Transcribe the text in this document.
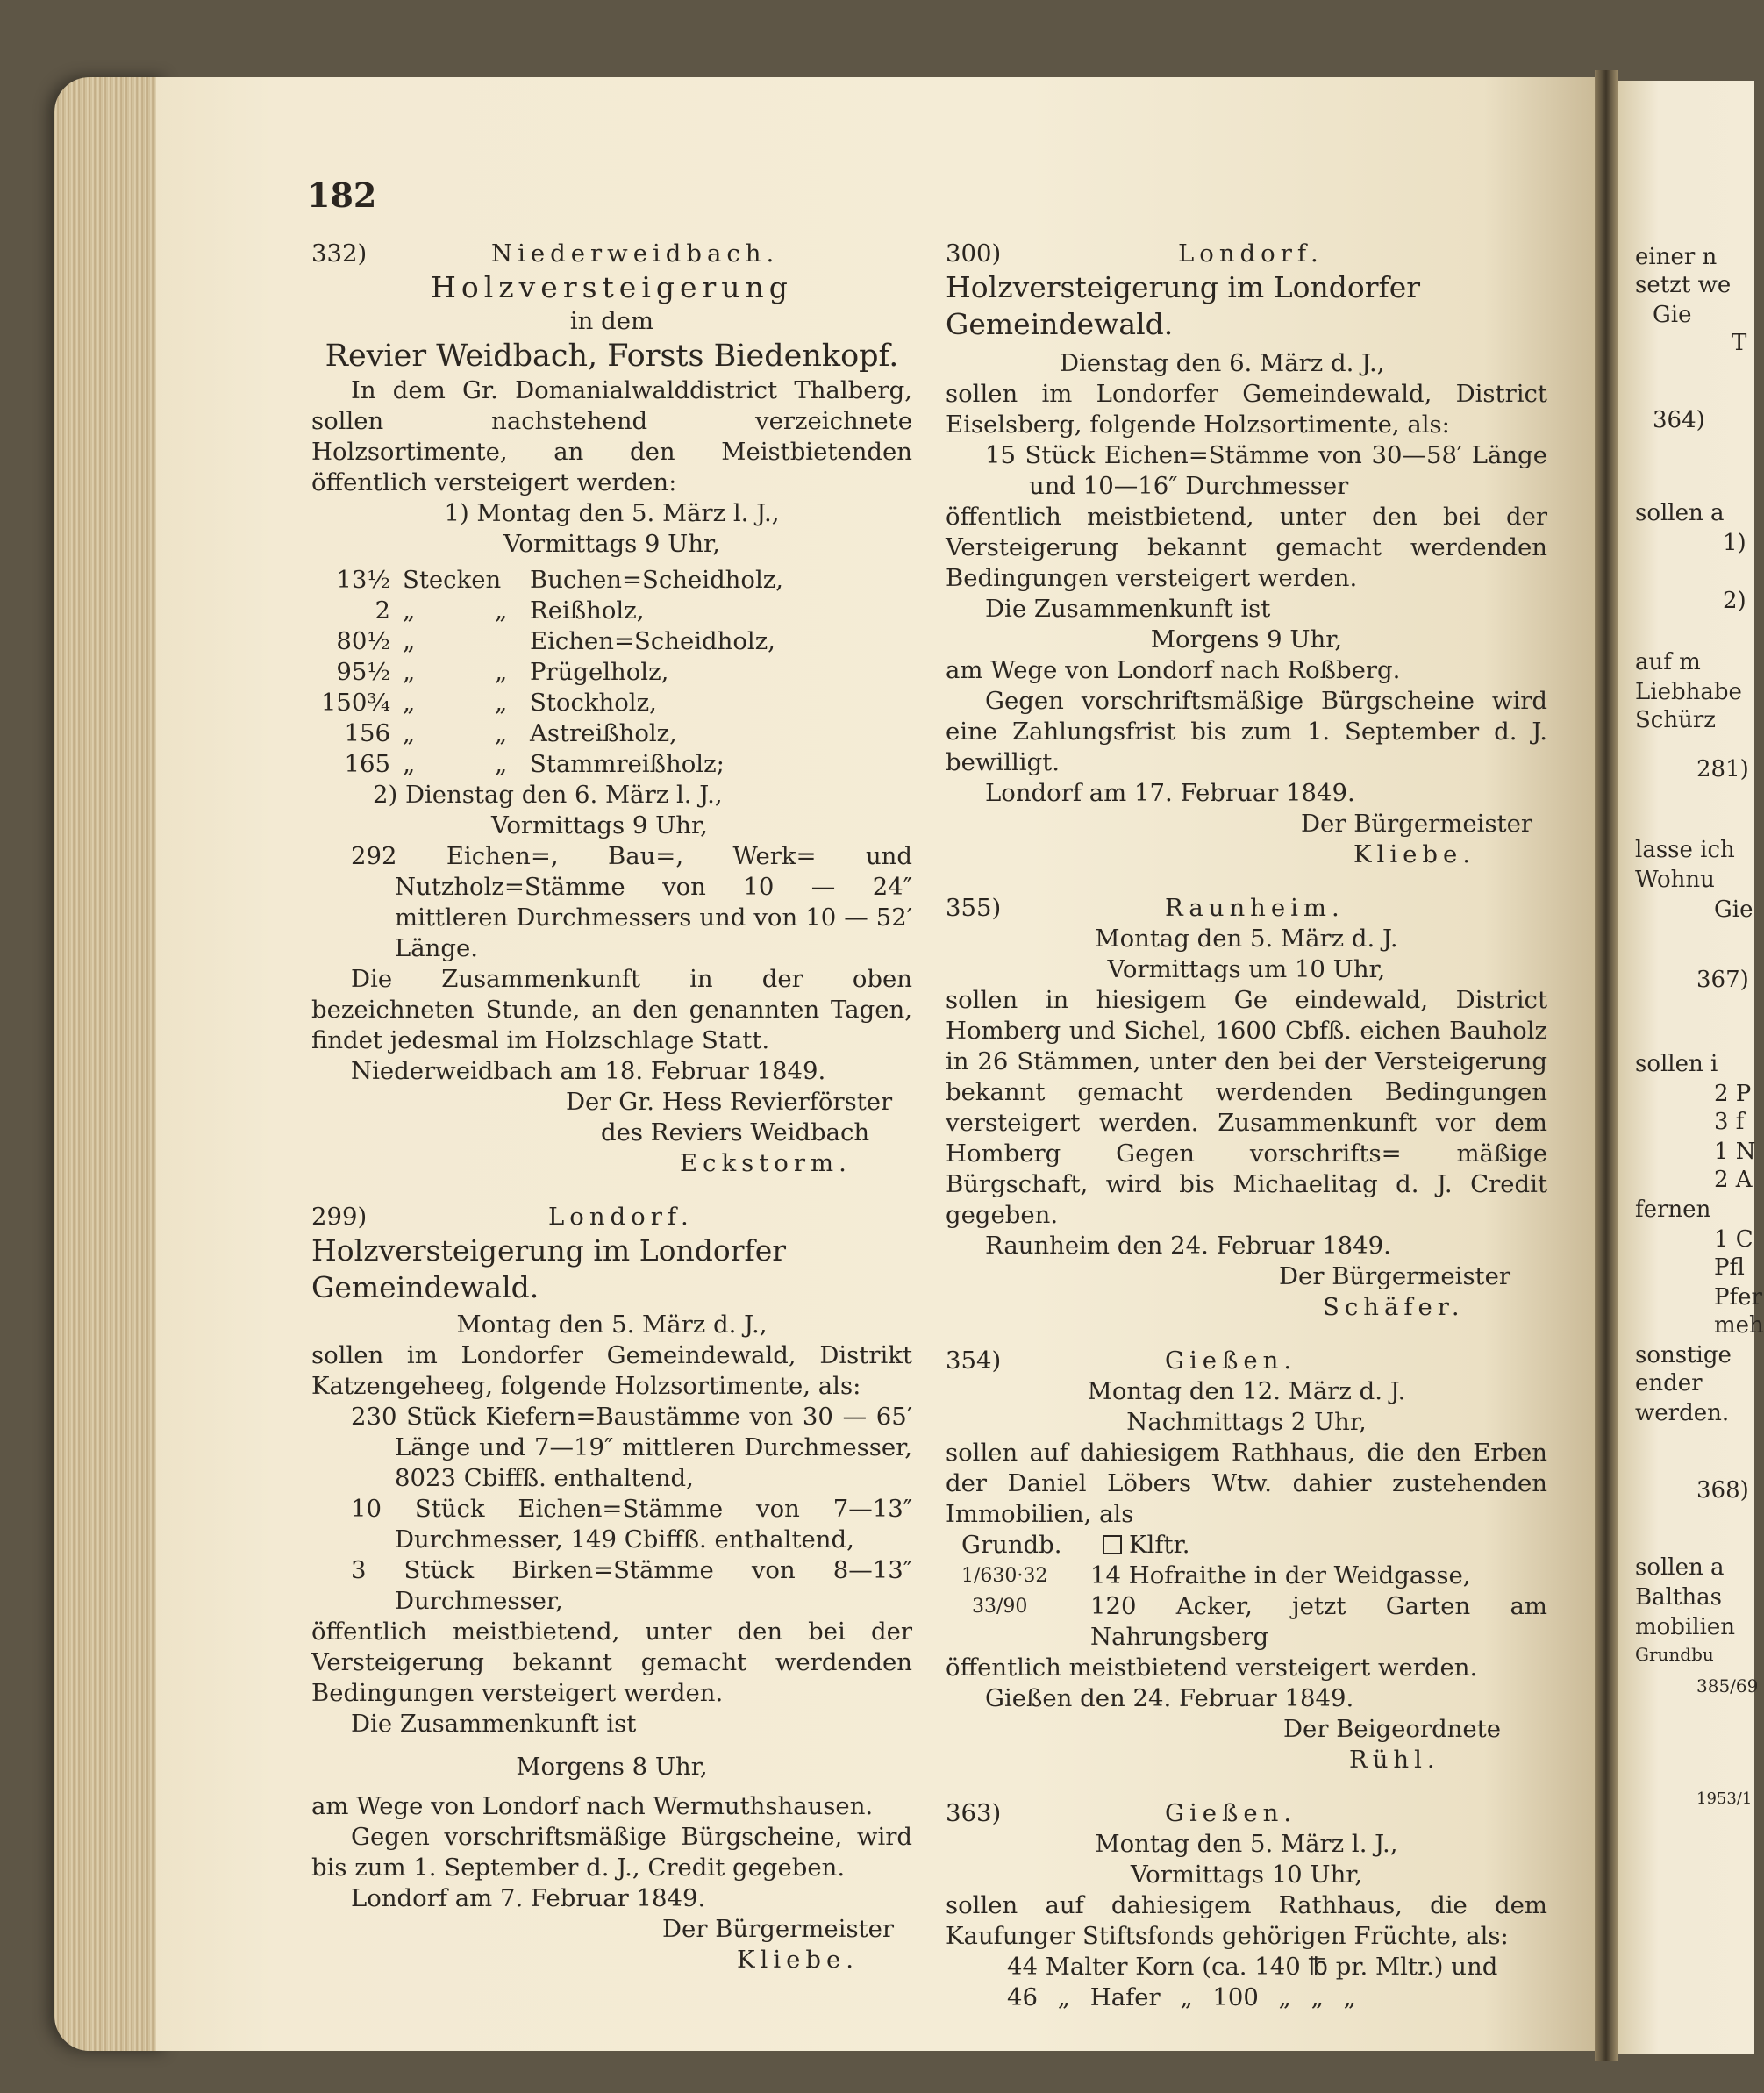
einer n
setzt we
Gie
T
364)
sollen a
1)
2)
auf m
Liebhabe
Schürz
281)
lasse ich
Wohnu
Gie
367)
sollen i
2 P
3 f
1 N
2 A
fernen
1 C
Pfl
Pfer
meh
sonstige
ender
werden.
368)
sollen a
Balthas
mobilien
Grundbu
385/69
1953/1
182
332)	Niederweidbach.
Holzversteigerung
in dem
Revier Weidbach, Forsts Biedenkopf.

In dem Gr. Domanialwalddistrict Thalberg, sollen nachstehend verzeichnete Holzsortimente, an den Meistbietenden öffentlich versteigert werden:

1) Montag den 5. März l. J.,
Vormittags 9 Uhr,
13½ Stecken Buchen=Scheidholz,
2 „	„ Reißholz,
80½ „	Eichen=Scheidholz,
95½ „	„ Prügelholz,
150¾ „	„ Stockholz,
156 „	„ Astreißholz,
165 „	„ Stammreißholz;
2) Dienstag den 6. März l. J.,
Vormittags 9 Uhr,

292 Eichen=, Bau=, Werk= und Nutzholz=Stämme von 10 — 24″ mittleren Durchmessers und von 10 — 52′ Länge.

Die Zusammenkunft in der oben bezeichneten Stunde, an den genannten Tagen, findet jedesmal im Holzschlage Statt.

Niederweidbach am 18. Februar 1849.
Der Gr. Hess Revierförster
des Reviers Weidbach
Eckstorm.
299)	Londorf.
Holzversteigerung im Londorfer Gemeindewald.
Montag den 5. März d. J.,

sollen im Londorfer Gemeindewald, Distrikt Katzengeheeg, folgende Holzsortimente, als:

230 Stück Kiefern=Baustämme von 30 — 65′ Länge und 7—19″ mittleren Durchmesser, 8023 Cbiffß. enthaltend,

10 Stück Eichen=Stämme von 7—13″ Durchmesser, 149 Cbiffß. enthaltend,

3 Stück Birken=Stämme von 8—13″ Durchmesser,

öffentlich meistbietend, unter den bei der Versteigerung bekannt gemacht werdenden Bedingungen versteigert werden.

Die Zusammenkunft ist
Morgens 8 Uhr,
am Wege von Londorf nach Wermuthshausen.

Gegen vorschriftsmäßige Bürgscheine, wird bis zum 1. September d. J., Credit gegeben.

Londorf am 7. Februar 1849.
Der Bürgermeister
Kliebe.
300)	Londorf.
Holzversteigerung im Londorfer Gemeindewald.
Dienstag den 6. März d. J.,

sollen im Londorfer Gemeindewald, District Eiselsberg, folgende Holzsortimente, als:

15 Stück Eichen=Stämme von 30—58′ Länge und 10—16″ Durchmesser

öffentlich meistbietend, unter den bei der Versteigerung bekannt gemacht werdenden Bedingungen versteigert werden.

Die Zusammenkunft ist
Morgens 9 Uhr,
am Wege von Londorf nach Roßberg.

Gegen vorschriftsmäßige Bürgscheine wird eine Zahlungsfrist bis zum 1. September d. J. bewilligt.

Londorf am 17. Februar 1849.
Der Bürgermeister
Kliebe.
355)	Raunheim.
Montag den 5. März d. J.
Vormittags um 10 Uhr,

sollen in hiesigem Ge eindewald, District Homberg und Sichel, 1600 Cbfß. eichen Bauholz in 26 Stämmen, unter den bei der Versteigerung bekannt gemacht werdenden Bedingungen versteigert werden. Zusammenkunft vor dem Homberg Gegen vorschrifts= mäßige Bürgschaft, wird bis Michaelitag d. J. Credit gegeben.

Raunheim den 24. Februar 1849.
Der Bürgermeister
Schäfer.
354)	Gießen.
Montag den 12. März d. J.
Nachmittags 2 Uhr,

sollen auf dahiesigem Rathhaus, die den Erben der Daniel Löbers Wtw. dahier zustehenden Immobilien, als

Grundb.	Klftr.
1/630·32	14 Hofraithe in der Weidgasse,
33/90	120 Acker, jetzt Garten am Nahrungsberg
öffentlich meistbietend versteigert werden.
Gießen den 24. Februar 1849.
Der Beigeordnete
Rühl.
363)	Gießen.
Montag den 5. März l. J.,
Vormittags 10 Uhr,

sollen auf dahiesigem Rathhaus, die dem Kaufunger Stiftsfonds gehörigen Früchte, als:

44 Malter Korn (ca. 140 ℔ pr. Mltr.) und
46 „ Hafer „ 100 „ „ „
